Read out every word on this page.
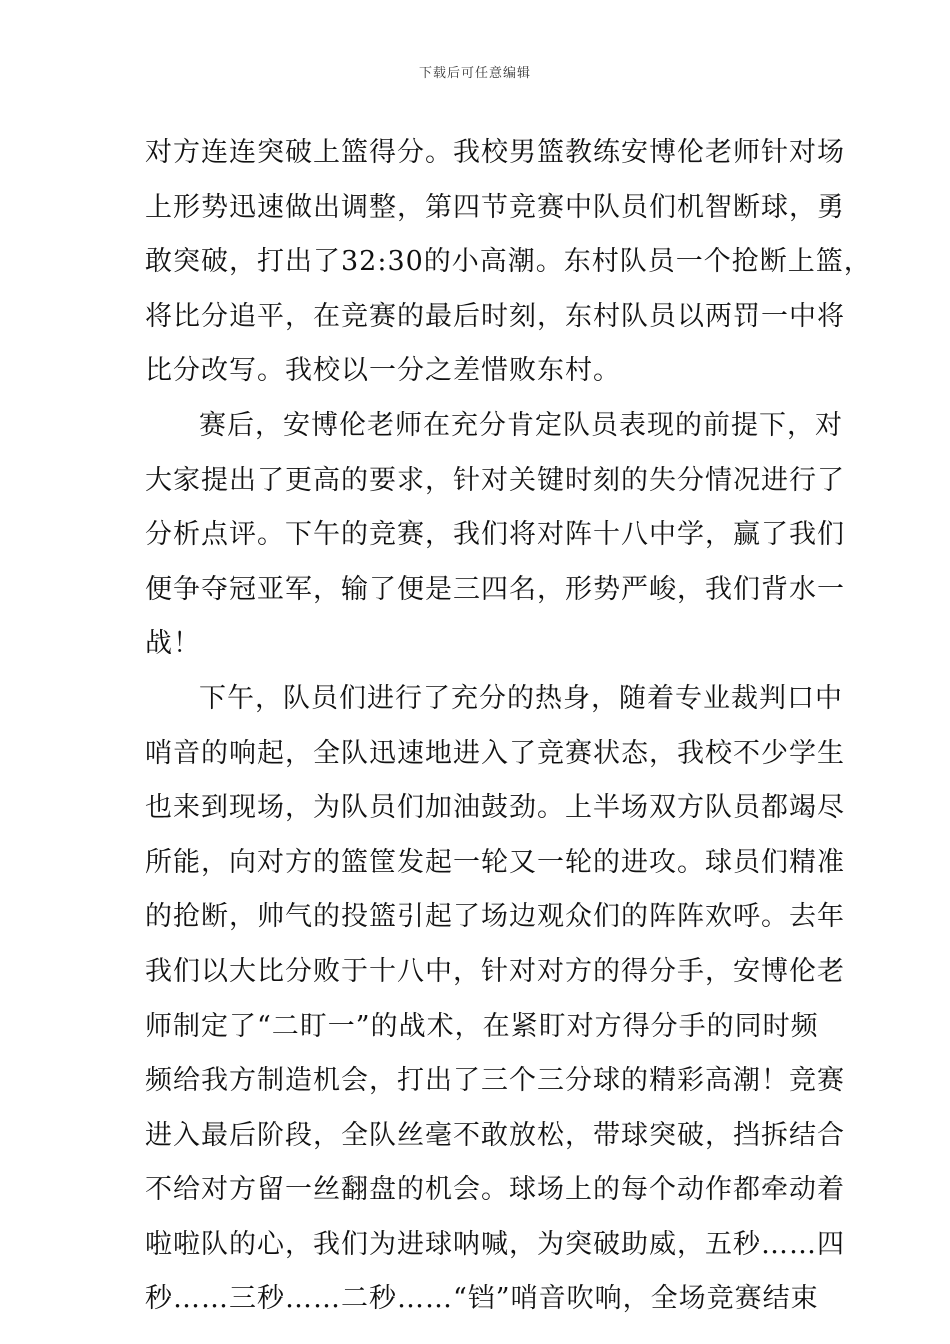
下载后可任意编辑
对方连连突破上篮得分。我校男篮教练安博伦老师针对场
上形势迅速做出调整，第四节竞赛中队员们机智断球，勇
敢突破，打出了32:30的小高潮。东村队员一个抢断上篮，
将比分追平，在竞赛的最后时刻，东村队员以两罚一中将
比分改写。我校以一分之差惜败东村。
赛后，安博伦老师在充分肯定队员表现的前提下，对
大家提出了更高的要求，针对关键时刻的失分情况进行了
分析点评。下午的竞赛，我们将对阵十八中学，赢了我们
便争夺冠亚军，输了便是三四名，形势严峻，我们背水一
战！
下午，队员们进行了充分的热身，随着专业裁判口中
哨音的响起，全队迅速地进入了竞赛状态，我校不少学生
也来到现场，为队员们加油鼓劲。上半场双方队员都竭尽
所能，向对方的篮筐发起一轮又一轮的进攻。球员们精准
的抢断，帅气的投篮引起了场边观众们的阵阵欢呼。去年
我们以大比分败于十八中，针对对方的得分手，安博伦老
师制定了“二盯一”的战术，在紧盯对方得分手的同时频
频给我方制造机会，打出了三个三分球的精彩高潮！竞赛
进入最后阶段，全队丝毫不敢放松，带球突破，挡拆结合
不给对方留一丝翻盘的机会。球场上的每个动作都牵动着
啦啦队的心，我们为进球呐喊，为突破助威，五秒……四
秒……三秒……二秒……“铛”哨音吹响，全场竞赛结束
